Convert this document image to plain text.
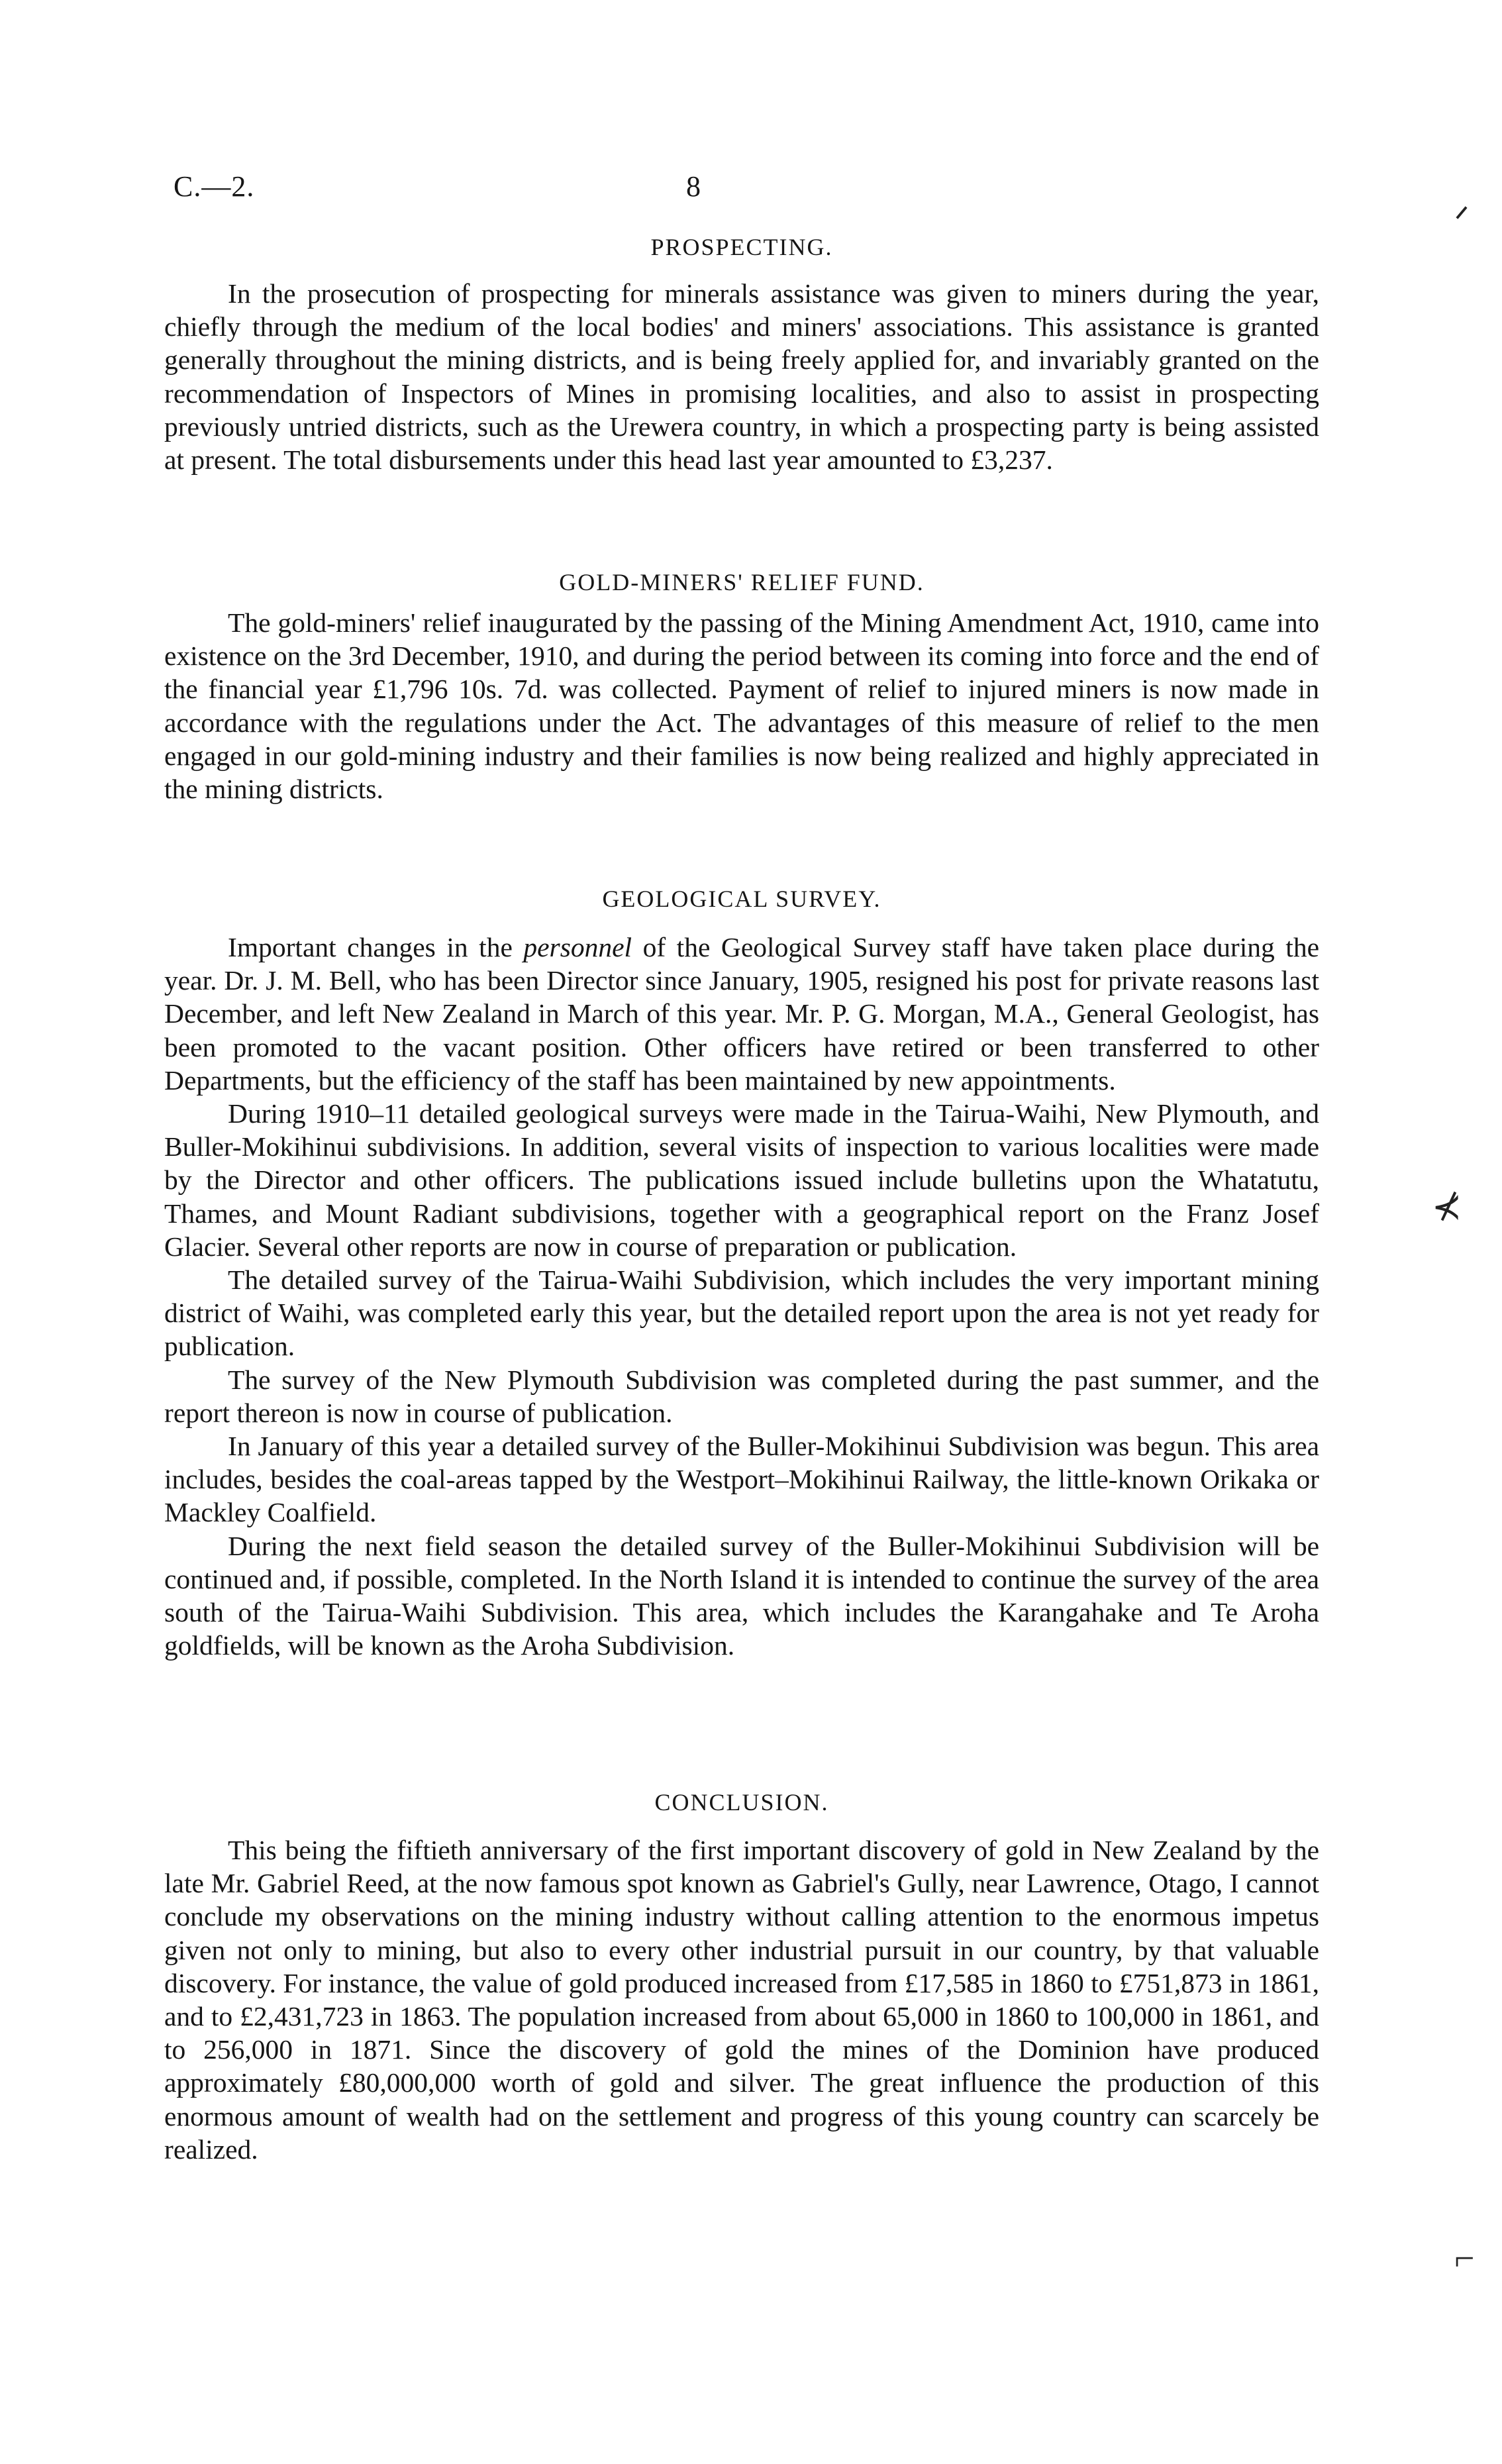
C.—2.	8
PROSPECTING.

In the prosecution of prospecting for minerals assistance was given to miners during the year, chiefly through the medium of the local bodies' and miners' associations. This assistance is granted generally throughout the mining districts, and is being freely applied for, and invariably granted on the recommendation of Inspectors of Mines in promising localities, and also to assist in prospecting previously untried districts, such as the Urewera country, in which a prospecting party is being assisted at present. The total disbursements under this head last year amounted to £3,237.

GOLD-MINERS' RELIEF FUND.

The gold-miners' relief inaugurated by the passing of the Mining Amendment Act, 1910, came into existence on the 3rd December, 1910, and during the period between its coming into force and the end of the financial year £1,796 10s. 7d. was collected. Payment of relief to injured miners is now made in accordance with the regulations under the Act. The advantages of this measure of relief to the men engaged in our gold-mining industry and their families is now being realized and highly appreciated in the mining districts.

GEOLOGICAL SURVEY.

Important changes in the personnel of the Geological Survey staff have taken place during the year. Dr. J. M. Bell, who has been Director since January, 1905, resigned his post for private reasons last December, and left New Zealand in March of this year. Mr. P. G. Morgan, M.A., General Geologist, has been promoted to the vacant position. Other officers have retired or been transferred to other Departments, but the efficiency of the staff has been maintained by new appointments.

During 1910–11 detailed geological surveys were made in the Tairua-Waihi, New Plymouth, and Buller-Mokihinui subdivisions. In addition, several visits of inspection to various localities were made by the Director and other officers. The publications issued include bulletins upon the Whatatutu, Thames, and Mount Radiant subdivisions, together with a geographical report on the Franz Josef Glacier. Several other reports are now in course of preparation or publication.

The detailed survey of the Tairua-Waihi Subdivision, which includes the very important mining district of Waihi, was completed early this year, but the detailed report upon the area is not yet ready for publication.

The survey of the New Plymouth Subdivision was completed during the past summer, and the report thereon is now in course of publication.

In January of this year a detailed survey of the Buller-Mokihinui Subdivision was begun. This area includes, besides the coal-areas tapped by the Westport–Mokihinui Railway, the little-known Orikaka or Mackley Coalfield.

During the next field season the detailed survey of the Buller-Mokihinui Subdivision will be continued and, if possible, completed. In the North Island it is intended to continue the survey of the area south of the Tairua-Waihi Subdivision. This area, which includes the Karangahake and Te Aroha goldfields, will be known as the Aroha Subdivision.

CONCLUSION.

This being the fiftieth anniversary of the first important discovery of gold in New Zealand by the late Mr. Gabriel Reed, at the now famous spot known as Gabriel's Gully, near Lawrence, Otago, I cannot conclude my observations on the mining industry without calling attention to the enormous impetus given not only to mining, but also to every other industrial pursuit in our country, by that valuable discovery. For instance, the value of gold produced increased from £17,585 in 1860 to £751,873 in 1861, and to £2,431,723 in 1863. The population increased from about 65,000 in 1860 to 100,000 in 1861, and to 256,000 in 1871. Since the discovery of gold the mines of the Dominion have produced approximately £80,000,000 worth of gold and silver. The great influence the production of this enormous amount of wealth had on the settlement and progress of this young country can scarcely be realized.

ᐟ
⊀
⌐
